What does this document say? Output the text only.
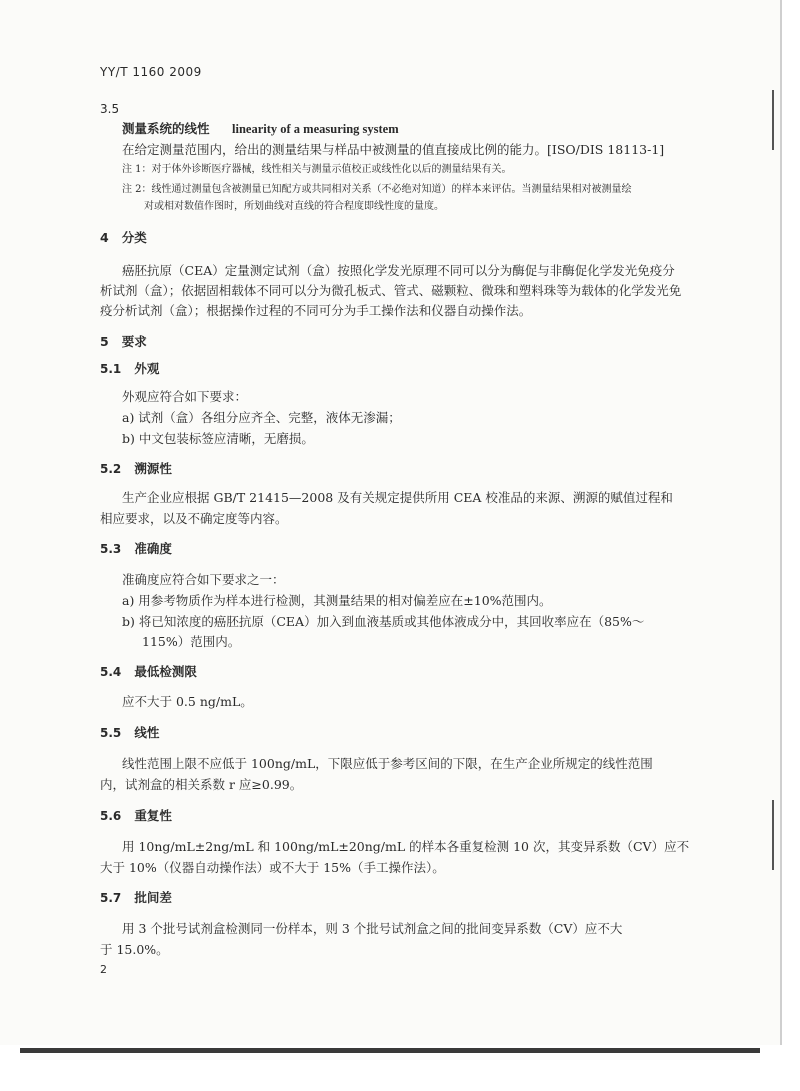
YY/T 1160 2009
3.5
测量系统的线性 linearity of a measuring system
在给定测量范围内，给出的测量结果与样品中被测量的值直接成比例的能力。[ISO/DIS 18113-1]
注 1：对于体外诊断医疗器械，线性相关与测量示值校正或线性化以后的测量结果有关。
注 2：线性通过测量包含被测量已知配方或共同相对关系（不必绝对知道）的样本来评估。当测量结果相对被测量绘
对或相对数值作图时，所划曲线对直线的符合程度即线性度的量度。
4 分类
癌胚抗原（CEA）定量测定试剂（盒）按照化学发光原理不同可以分为酶促与非酶促化学发光免疫分
析试剂（盒）；依据固相载体不同可以分为微孔板式、管式、磁颗粒、微珠和塑料珠等为载体的化学发光免
疫分析试剂（盒）；根据操作过程的不同可分为手工操作法和仪器自动操作法。
5 要求
5.1 外观
外观应符合如下要求：
a) 试剂（盒）各组分应齐全、完整，液体无渗漏；
b) 中文包装标签应清晰，无磨损。
5.2 溯源性
生产企业应根据 GB/T 21415—2008 及有关规定提供所用 CEA 校准品的来源、溯源的赋值过程和
相应要求，以及不确定度等内容。
5.3 准确度
准确度应符合如下要求之一：
a) 用参考物质作为样本进行检测，其测量结果的相对偏差应在±10%范围内。
b) 将已知浓度的癌胚抗原（CEA）加入到血液基质或其他体液成分中，其回收率应在（85%～
115%）范围内。
5.4 最低检测限
应不大于 0.5 ng/mL。
5.5 线性
线性范围上限不应低于 100ng/mL，下限应低于参考区间的下限，在生产企业所规定的线性范围
内，试剂盒的相关系数 r 应≥0.99。
5.6 重复性
用 10ng/mL±2ng/mL 和 100ng/mL±20ng/mL 的样本各重复检测 10 次，其变异系数（CV）应不
大于 10%（仪器自动操作法）或不大于 15%（手工操作法）。
5.7 批间差
用 3 个批号试剂盒检测同一份样本，则 3 个批号试剂盒之间的批间变异系数（CV）应不大
于 15.0%。
2
